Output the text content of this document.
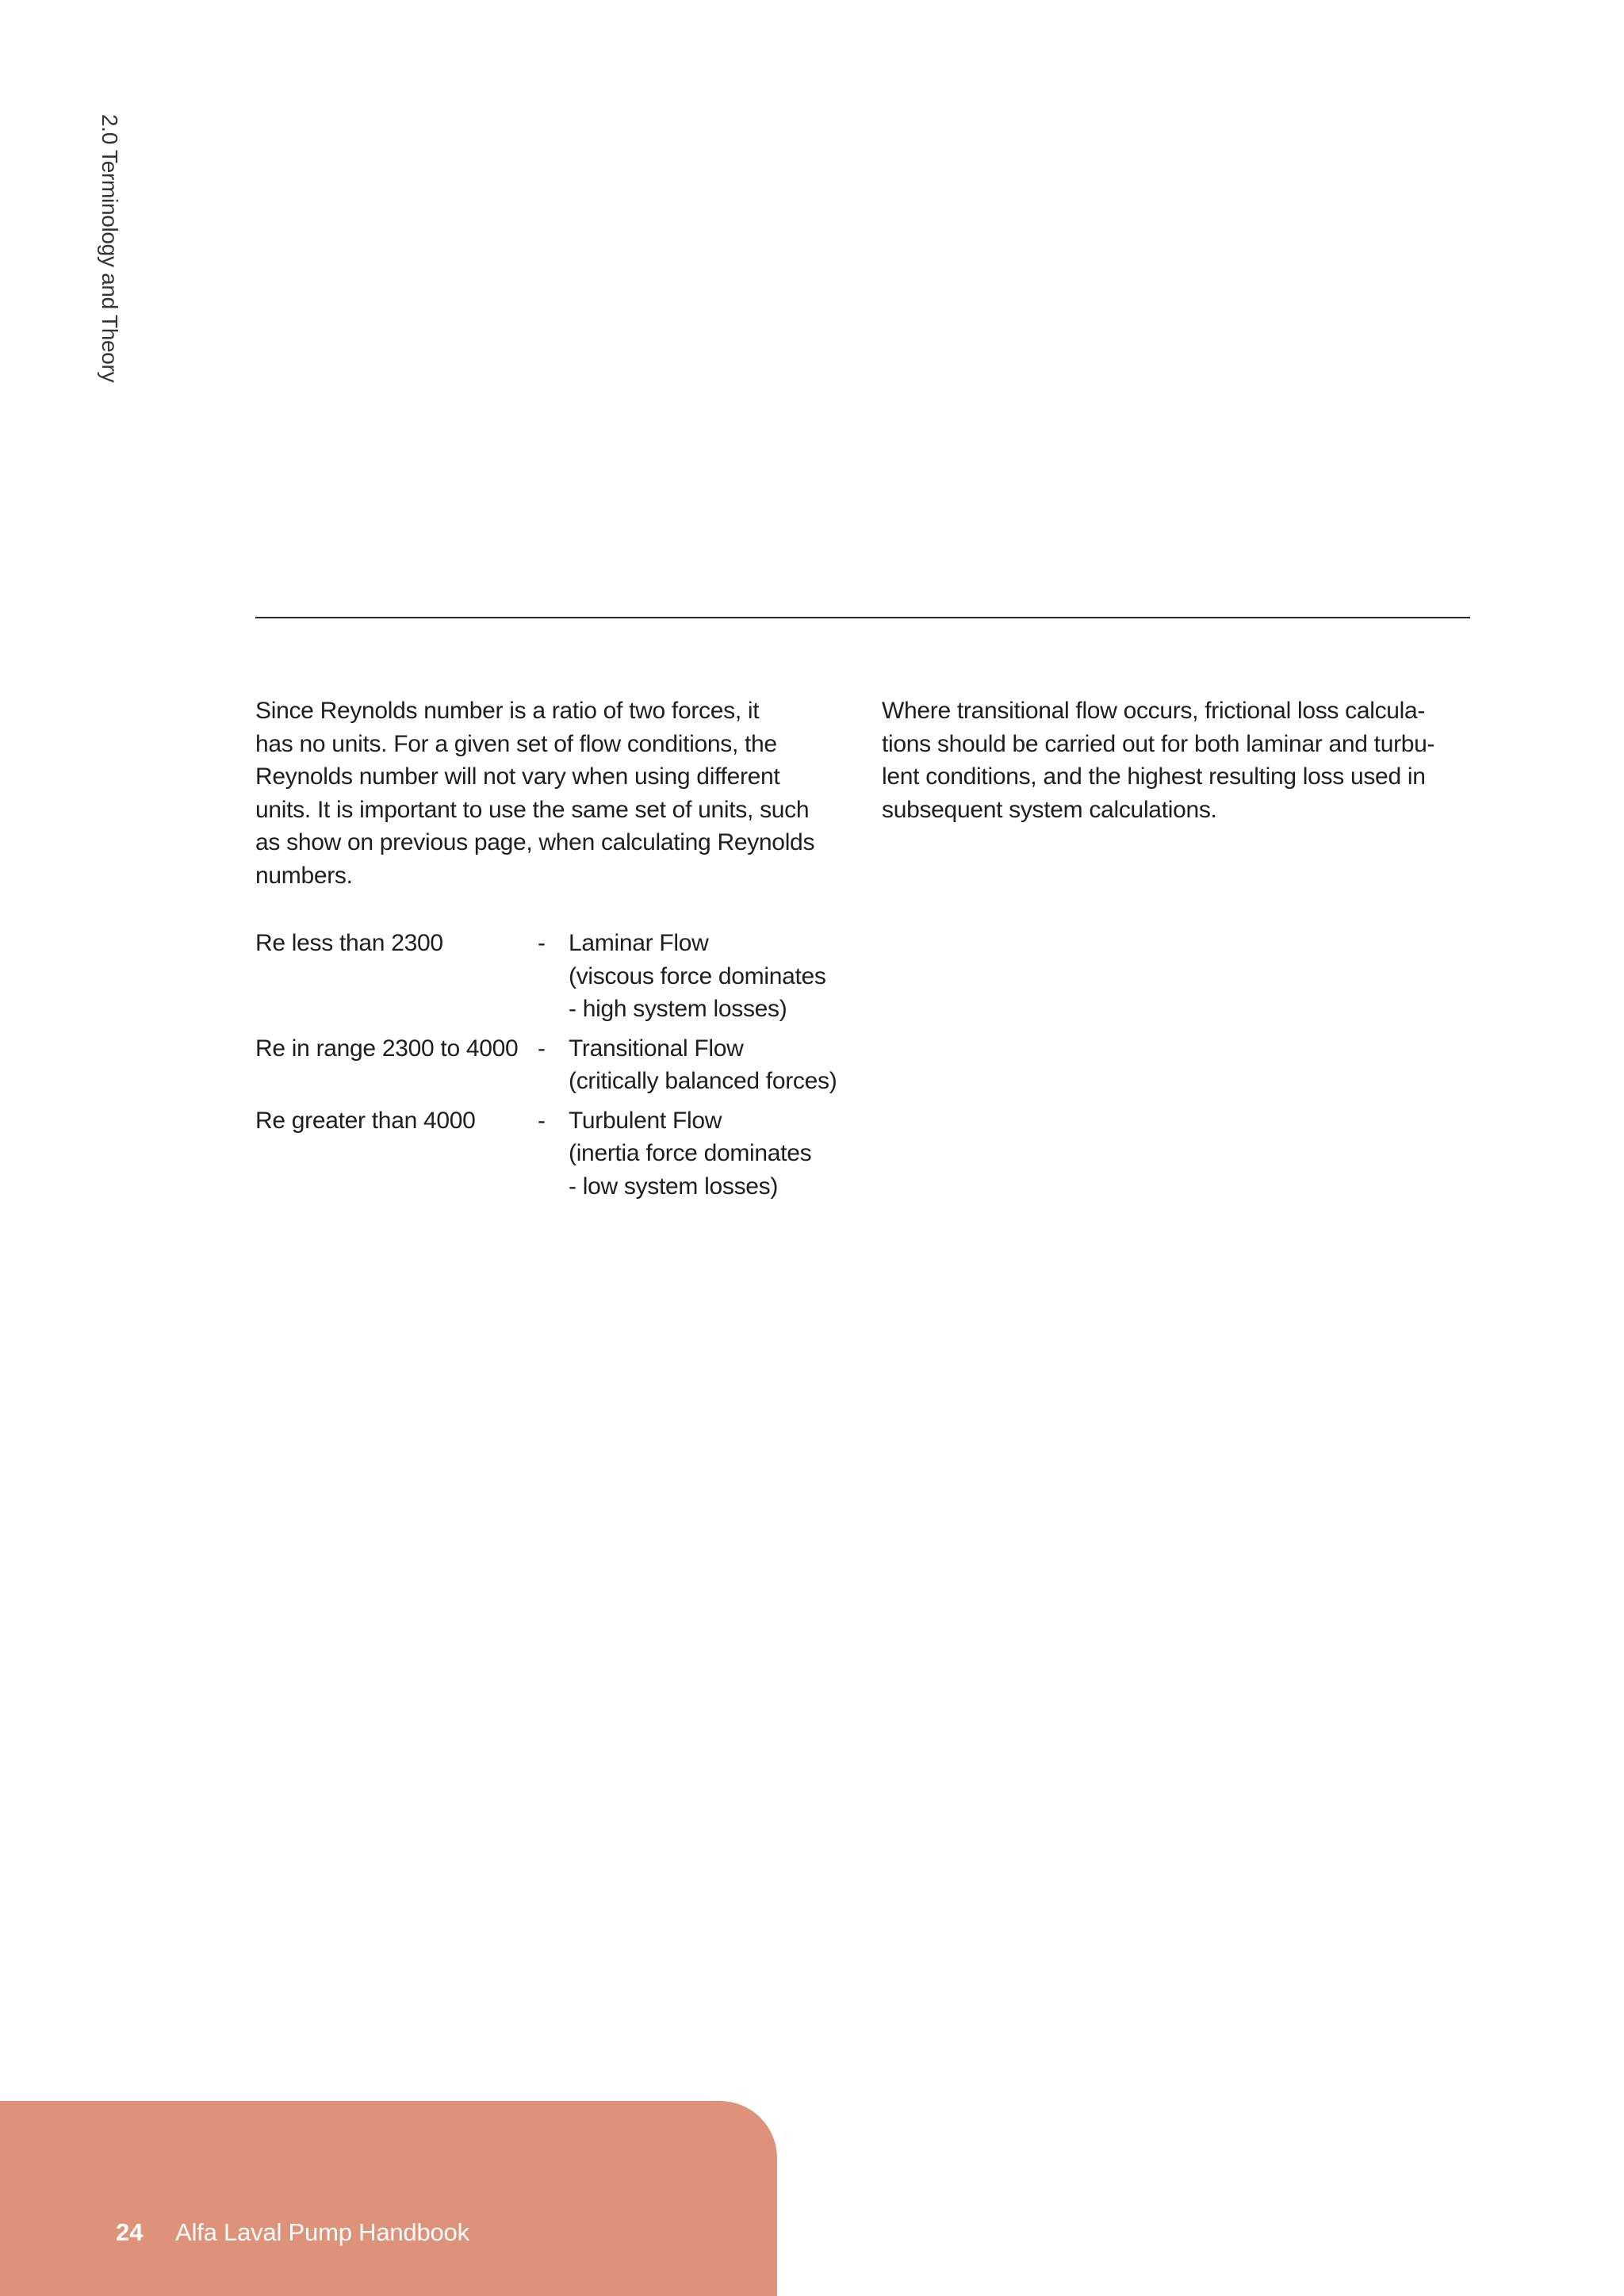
2.0 Terminology and Theory

Since Reynolds number is a ratio of two forces, it
has no units. For a given set of flow conditions, the
Reynolds number will not vary when using different
units. It is important to use the same set of units, such
as show on previous page, when calculating Reynolds
numbers.

Re less than 2300	- Laminar Flow
(viscous force dominates
- high system losses)
Re in range 2300 to 4000 - Transitional Flow
(critically balanced forces)
Re greater than 4000	- Turbulent Flow
(inertia force dominates
- low system losses)

Where transitional flow occurs, frictional loss calcula-
tions should be carried out for both laminar and turbu-
lent conditions, and the highest resulting loss used in
subsequent system calculations.

24 Alfa Laval Pump Handbook
